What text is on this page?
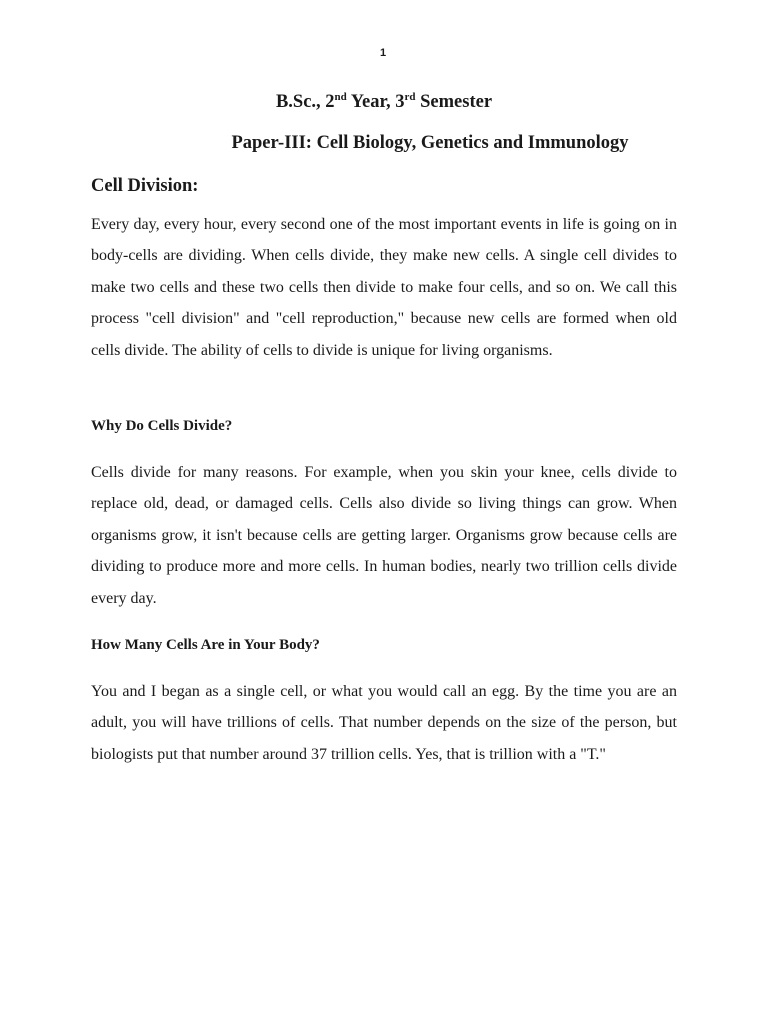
1
B.Sc., 2nd Year, 3rd Semester
Paper-III: Cell Biology, Genetics and Immunology
Cell Division:

Every day, every hour, every second one of the most important events in life is going on in body-cells are dividing. When cells divide, they make new cells. A single cell divides to make two cells and these two cells then divide to make four cells, and so on. We call this process "cell division" and "cell reproduction," because new cells are formed when old cells divide. The ability of cells to divide is unique for living organisms.

Why Do Cells Divide?

Cells divide for many reasons. For example, when you skin your knee, cells divide to replace old, dead, or damaged cells. Cells also divide so living things can grow. When organisms grow, it isn't because cells are getting larger. Organisms grow because cells are dividing to produce more and more cells. In human bodies, nearly two trillion cells divide every day.

How Many Cells Are in Your Body?

You and I began as a single cell, or what you would call an egg. By the time you are an adult, you will have trillions of cells. That number depends on the size of the person, but biologists put that number around 37 trillion cells. Yes, that is trillion with a "T."
